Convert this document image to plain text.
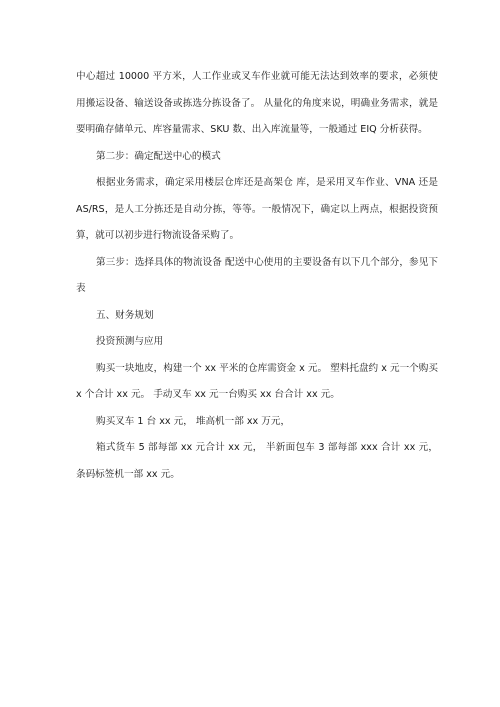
中心超过 10000 平方米，人工作业或叉车作业就可能无法达到效率的要求，必须使用搬运设备、输送设备或拣选分拣设备了。 从量化的角度来说，明确业务需求，就是要明确存储单元、库容量需求、SKU 数、出入库流量等，一般通过 EIQ 分析获得。

第二步：确定配送中心的模式

根据业务需求，确定采用楼层仓库还是高架仓 库，是采用叉车作业、VNA 还是 AS/RS，是人工分拣还是自动分拣，等等。一般情况下，确定以上两点，根据投资预算，就可以初步进行物流设备采购了。

第三步：选择具体的物流设备 配送中心使用的主要设备有以下几个部分，参见下表

五、财务规划

投资预测与应用

购买一块地皮，构建一个 xx 平米的仓库需资金 x 元。 塑料托盘约 x 元一个购买 x 个合计 xx 元。 手动叉车 xx 元一台购买 xx 台合计 xx 元。

购买叉车 1 台 xx 元， 堆高机一部 xx 万元，

箱式货车 5 部每部 xx 元合计 xx 元， 半新面包车 3 部每部 xxx 合计 xx 元， 条码标签机一部 xx 元。
